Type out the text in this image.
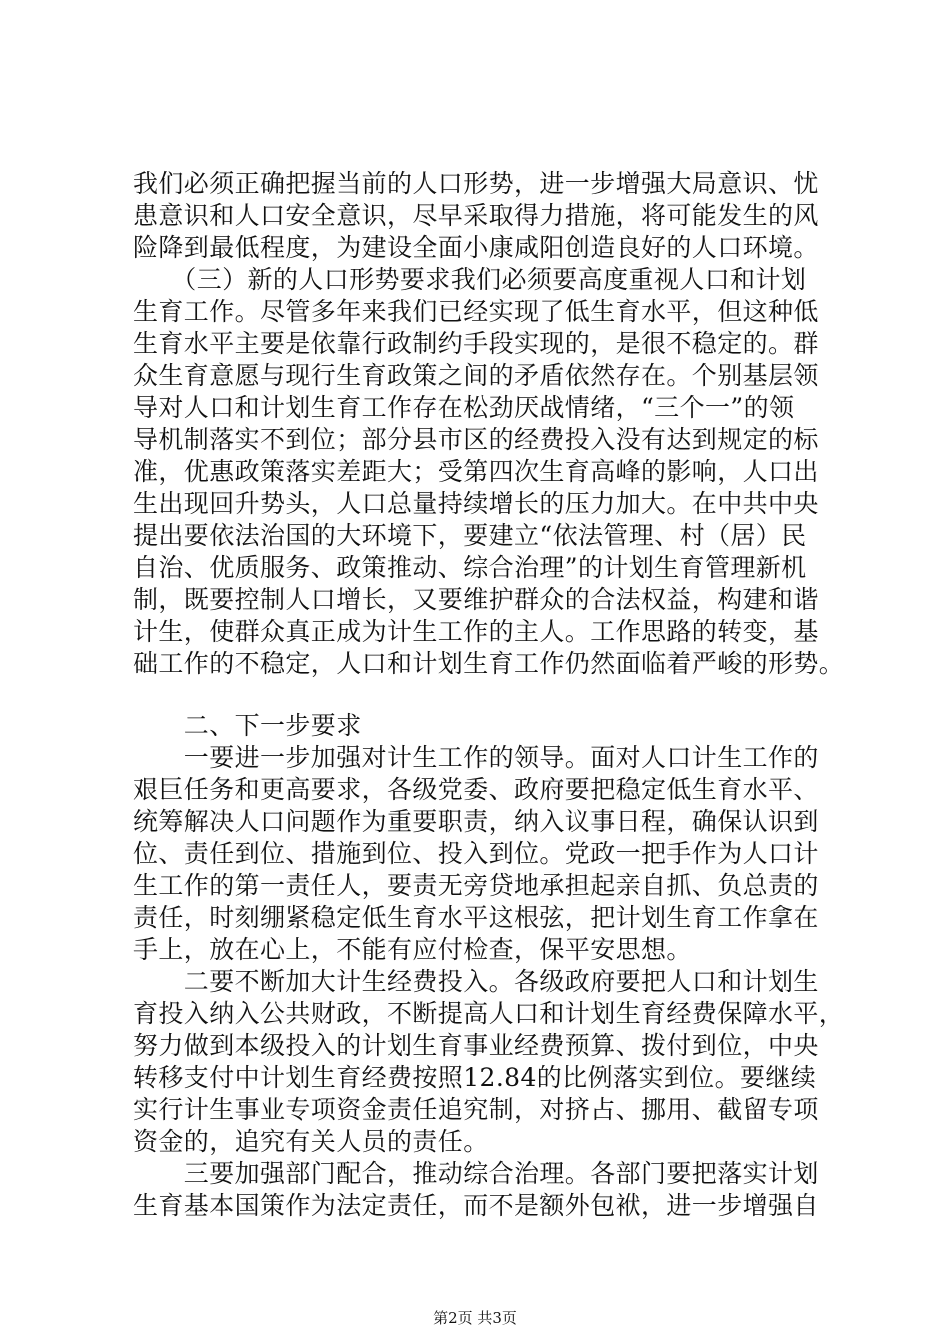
我们必须正确把握当前的人口形势，进一步增强大局意识、忧
患意识和人口安全意识，尽早采取得力措施，将可能发生的风
险降到最低程度，为建设全面小康咸阳创造良好的人口环境。
　　（三）新的人口形势要求我们必须要高度重视人口和计划
生育工作。尽管多年来我们已经实现了低生育水平，但这种低
生育水平主要是依靠行政制约手段实现的，是很不稳定的。群
众生育意愿与现行生育政策之间的矛盾依然存在。个别基层领
导对人口和计划生育工作存在松劲厌战情绪，“三个一”的领
导机制落实不到位；部分县市区的经费投入没有达到规定的标
准，优惠政策落实差距大；受第四次生育高峰的影响，人口出
生出现回升势头，人口总量持续增长的压力加大。在中共中央
提出要依法治国的大环境下，要建立“依法管理、村（居）民
自治、优质服务、政策推动、综合治理”的计划生育管理新机
制，既要控制人口增长，又要维护群众的合法权益，构建和谐
计生，使群众真正成为计生工作的主人。工作思路的转变，基
础工作的不稳定，人口和计划生育工作仍然面临着严峻的形势。
　　二、下一步要求
　　一要进一步加强对计生工作的领导。面对人口计生工作的
艰巨任务和更高要求，各级党委、政府要把稳定低生育水平、
统筹解决人口问题作为重要职责，纳入议事日程，确保认识到
位、责任到位、措施到位、投入到位。党政一把手作为人口计
生工作的第一责任人，要责无旁贷地承担起亲自抓、负总责的
责任，时刻绷紧稳定低生育水平这根弦，把计划生育工作拿在
手上，放在心上，不能有应付检查，保平安思想。
　　二要不断加大计生经费投入。各级政府要把人口和计划生
育投入纳入公共财政，不断提高人口和计划生育经费保障水平，
努力做到本级投入的计划生育事业经费预算、拨付到位，中央
转移支付中计划生育经费按照12.84的比例落实到位。要继续
实行计生事业专项资金责任追究制，对挤占、挪用、截留专项
资金的，追究有关人员的责任。
　　三要加强部门配合，推动综合治理。各部门要把落实计划
生育基本国策作为法定责任，而不是额外包袱，进一步增强自
第2页 共3页
